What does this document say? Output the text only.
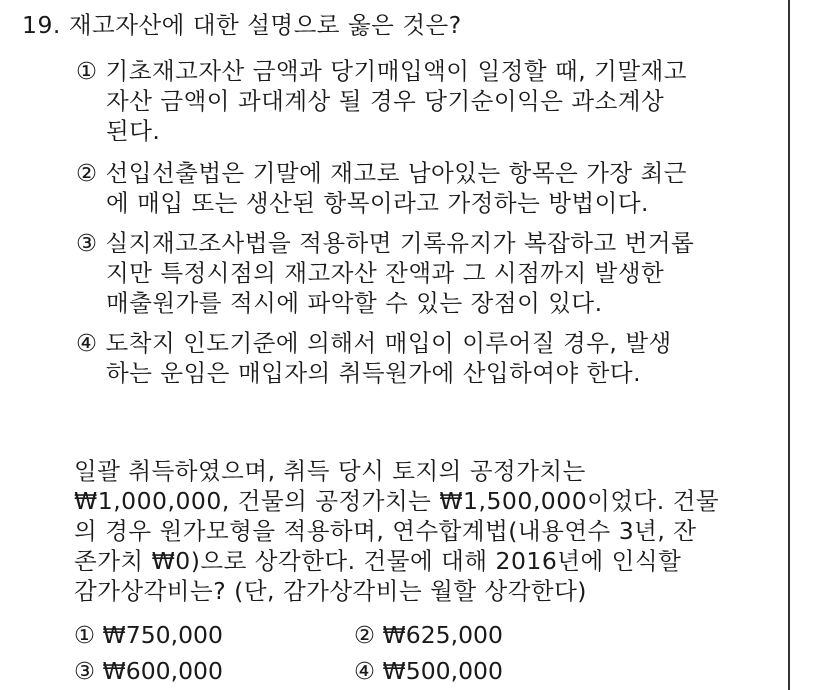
19. 재고자산에 대한 설명으로 옳은 것은?
① 기초재고자산 금액과 당기매입액이 일정할 때, 기말재고
자산 금액이 과대계상 될 경우 당기순이익은 과소계상
된다.
② 선입선출법은 기말에 재고로 남아있는 항목은 가장 최근
에 매입 또는 생산된 항목이라고 가정하는 방법이다.
③ 실지재고조사법을 적용하면 기록유지가 복잡하고 번거롭
지만 특정시점의 재고자산 잔액과 그 시점까지 발생한
매출원가를 적시에 파악할 수 있는 장점이 있다.
④ 도착지 인도기준에 의해서 매입이 이루어질 경우, 발생
하는 운임은 매입자의 취득원가에 산입하여야 한다.
일괄 취득하였으며, 취득 당시 토지의 공정가치는
₩1,000,000, 건물의 공정가치는 ₩1,500,000이었다. 건물
의 경우 원가모형을 적용하며, 연수합계법(내용연수 3년, 잔
존가치 ₩0)으로 상각한다. 건물에 대해 2016년에 인식할
감가상각비는? (단, 감가상각비는 월할 상각한다)
① ₩750,000	② ₩625,000
③ ₩600,000	④ ₩500,000
